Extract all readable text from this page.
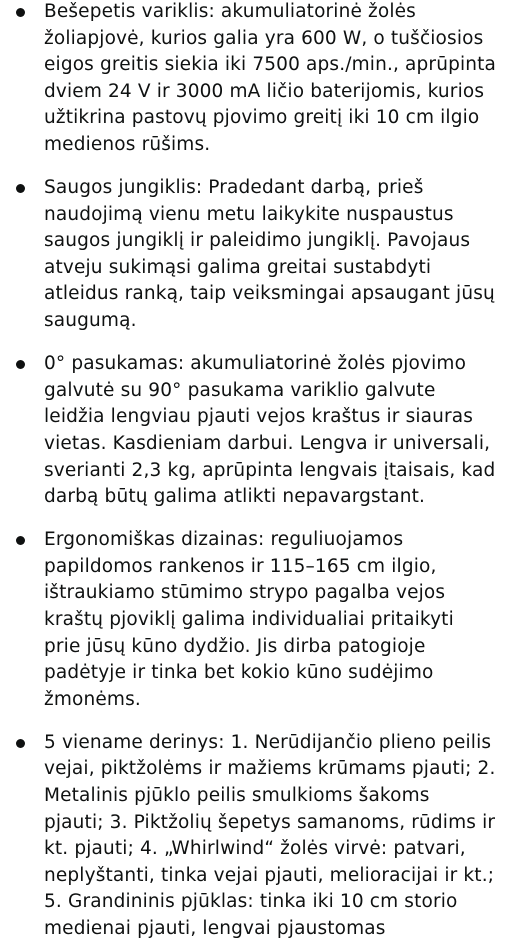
Bešepetis variklis: akumuliatorinė žolės
žoliapjovė, kurios galia yra 600 W, o tuščiosios
eigos greitis siekia iki 7500 aps./min., aprūpinta
dviem 24 V ir 3000 mA ličio baterijomis, kurios
užtikrina pastovų pjovimo greitį iki 10 cm ilgio
medienos rūšims.
Saugos jungiklis: Pradedant darbą, prieš
naudojimą vienu metu laikykite nuspaustus
saugos jungiklį ir paleidimo jungiklį. Pavojaus
atveju sukimąsi galima greitai sustabdyti
atleidus ranką, taip veiksmingai apsaugant jūsų
saugumą.
0° pasukamas: akumuliatorinė žolės pjovimo
galvutė su 90° pasukama variklio galvute
leidžia lengviau pjauti vejos kraštus ir siauras
vietas. Kasdieniam darbui. Lengva ir universali,
sverianti 2,3 kg, aprūpinta lengvais įtaisais, kad
darbą būtų galima atlikti nepavargstant.
Ergonomiškas dizainas: reguliuojamos
papildomos rankenos ir 115–165 cm ilgio,
ištraukiamo stūmimo strypo pagalba vejos
kraštų pjoviklį galima individualiai pritaikyti
prie jūsų kūno dydžio. Jis dirba patogioje
padėtyje ir tinka bet kokio kūno sudėjimo
žmonėms.
5 viename derinys: 1. Nerūdijančio plieno peilis
vejai, piktžolėms ir mažiems krūmams pjauti; 2.
Metalinis pjūklo peilis smulkioms šakoms
pjauti; 3. Piktžolių šepetys samanoms, rūdims ir
kt. pjauti; 4. „Whirlwind“ žolės virvė: patvari,
neplyštanti, tinka vejai pjauti, melioracijai ir kt.;
5. Grandininis pjūklas: tinka iki 10 cm storio
medienai pjauti, lengvai pjaustomas
